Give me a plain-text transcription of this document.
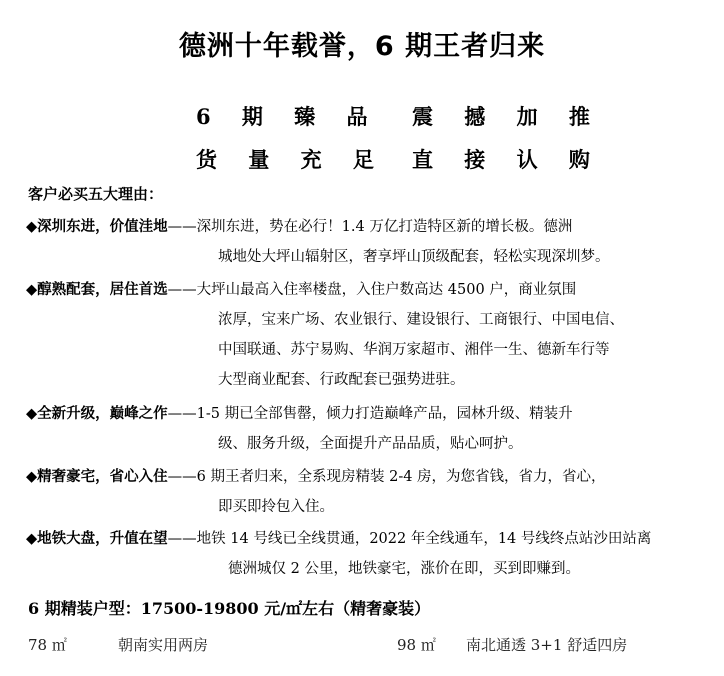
德洲十年载誉，6 期王者归来
6 期 臻 品 震 撼 加 推
货 量 充 足 直 接 认 购
客户必买五大理由：
◆深圳东进，价值洼地——深圳东进，势在必行！1.4 万亿打造特区新的增长极。德洲
城地处大坪山辐射区，奢享坪山顶级配套，轻松实现深圳梦。
◆醇熟配套，居住首选——大坪山最高入住率楼盘，入住户数高达 4500 户，商业氛围
浓厚，宝来广场、农业银行、建设银行、工商银行、中国电信、
中国联通、苏宁易购、华润万家超市、湘伴一生、德新车行等
大型商业配套、行政配套已强势进驻。
◆全新升级，巅峰之作——1-5 期已全部售罄，倾力打造巅峰产品，园林升级、精装升
级、服务升级，全面提升产品品质，贴心呵护。
◆精奢豪宅，省心入住——6 期王者归来，全系现房精装 2-4 房，为您省钱，省力，省心，
即买即拎包入住。
◆地铁大盘，升值在望——地铁 14 号线已全线贯通，2022 年全线通车，14 号线终点站沙田站离
德洲城仅 2 公里，地铁豪宅，涨价在即，买到即赚到。
6 期精装户型：17500-19800 元/㎡左右（精奢豪装）
78 ㎡	朝南实用两房	98 ㎡ 南北通透 3+1 舒适四房
